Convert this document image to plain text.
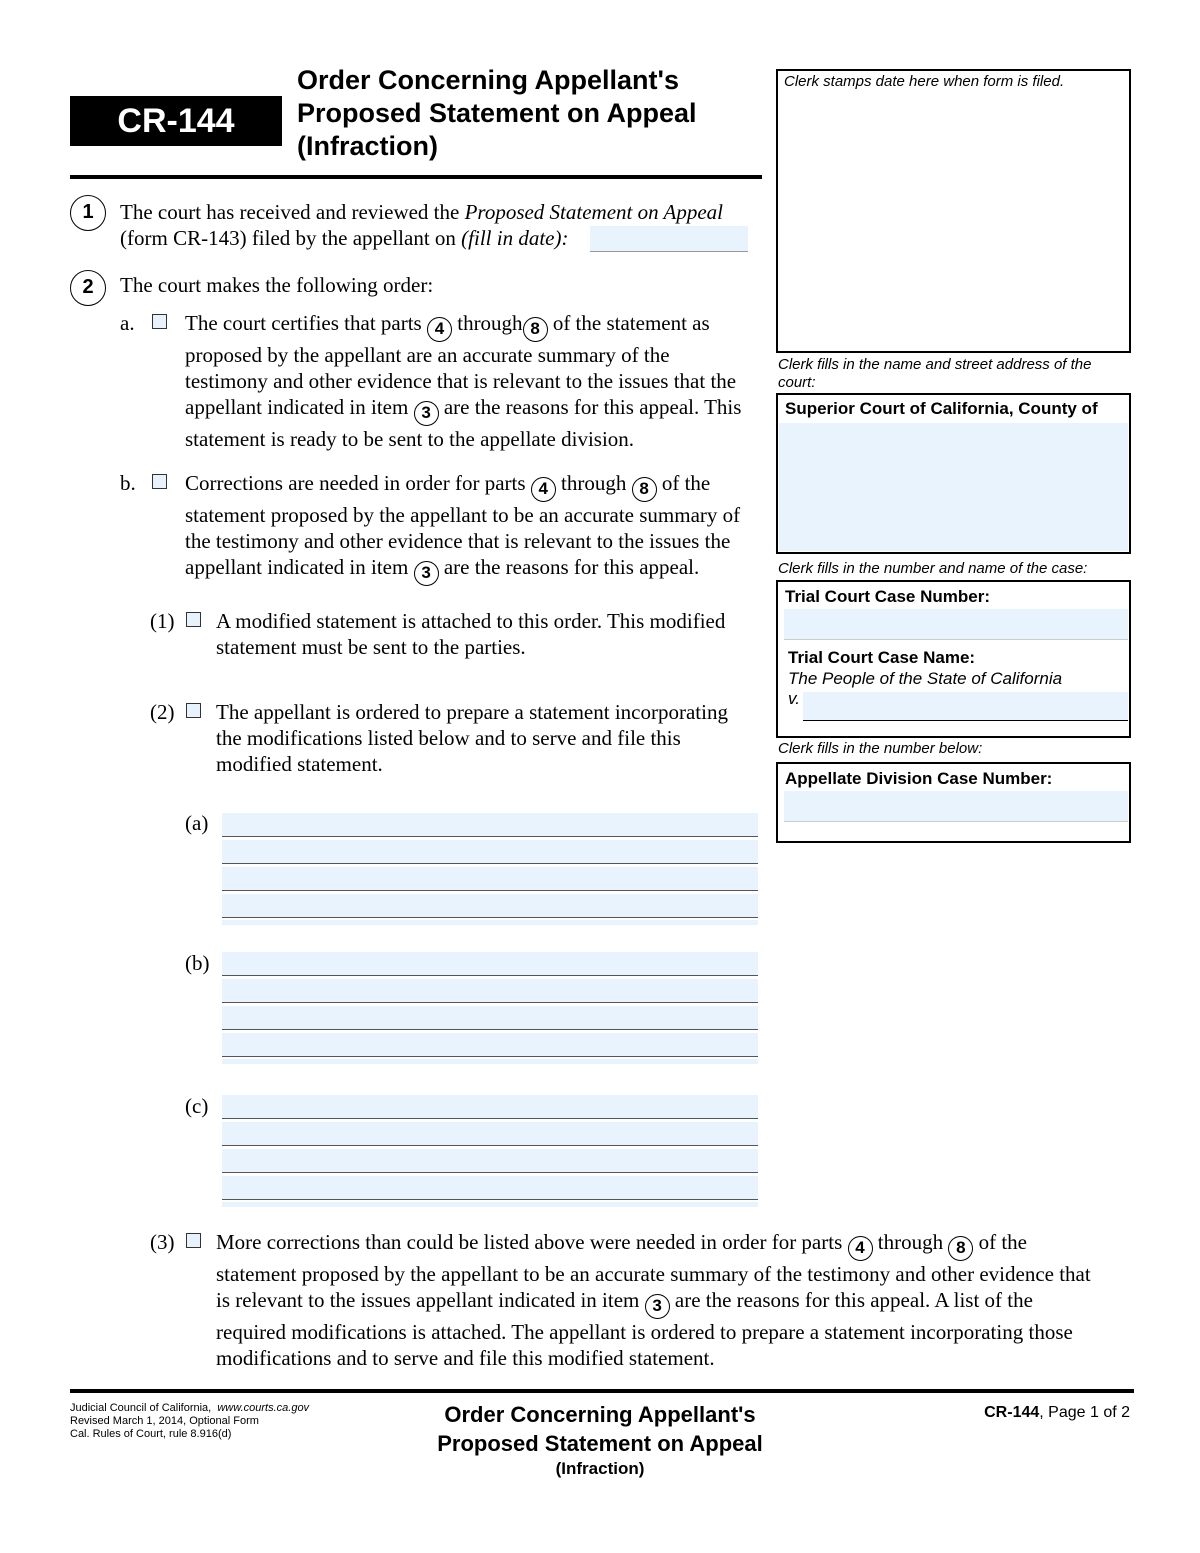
CR-144
Order Concerning Appellant's
Proposed Statement on Appeal
(Infraction)
1	The court has received and reviewed the Proposed Statement on Appeal
(form CR-143) filed by the appellant on (fill in date):
2	The court makes the following order:
a. The court certifies that parts 4 through 8 of the statement as
proposed by the appellant are an accurate summary of the
testimony and other evidence that is relevant to the issues that the
appellant indicated in item 3 are the reasons for this appeal. This
statement is ready to be sent to the appellate division.
b. Corrections are needed in order for parts 4 through 8 of the
statement proposed by the appellant to be an accurate summary of
the testimony and other evidence that is relevant to the issues the
appellant indicated in item 3 are the reasons for this appeal.
(1) A modified statement is attached to this order. This modified
statement must be sent to the parties.
(2) The appellant is ordered to prepare a statement incorporating
the modifications listed below and to serve and file this
modified statement.
(a)
(b)
(c)
(3) More corrections than could be listed above were needed in order for parts 4 through 8 of the
statement proposed by the appellant to be an accurate summary of the testimony and other evidence that
is relevant to the issues appellant indicated in item 3 are the reasons for this appeal. A list of the
required modifications is attached. The appellant is ordered to prepare a statement incorporating those
modifications and to serve and file this modified statement.
Clerk stamps date here when form is filed.
Clerk fills in the name and street address of the court:
Superior Court of California, County of
Clerk fills in the number and name of the case:
Trial Court Case Number:
Trial Court Case Name:
The People of the State of California
v.
Clerk fills in the number below:
Appellate Division Case Number:
Judicial Council of California, www.courts.ca.gov
Revised March 1, 2014, Optional Form
Cal. Rules of Court, rule 8.916(d)
Order Concerning Appellant's
Proposed Statement on Appeal
(Infraction)
CR-144, Page 1 of 2
